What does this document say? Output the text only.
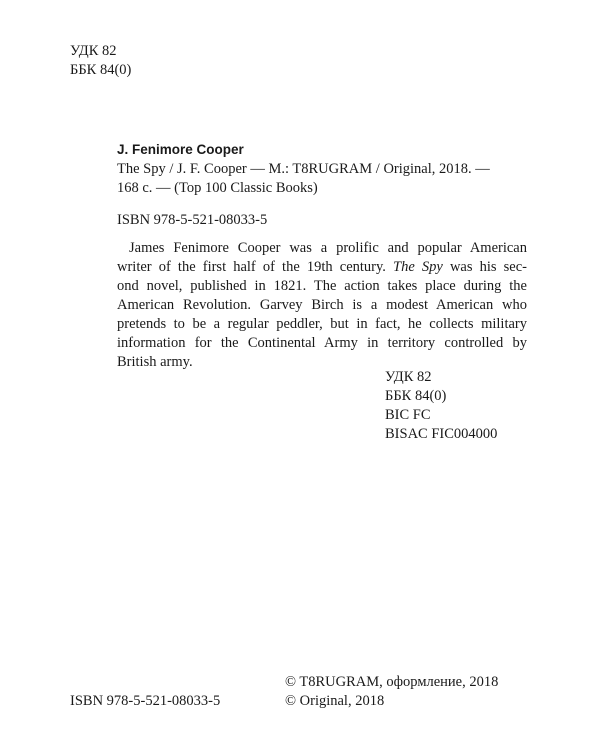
УДК 82
ББК 84(0)
J. Fenimore Cooper
The Spy / J. F. Cooper — M.: T8RUGRAM / Original, 2018. —
168 с. — (Top 100 Classic Books)
ISBN 978-5-521-08033-5
James Fenimore Cooper was a prolific and popular American
writer of the first half of the 19th century. The Spy was his sec-
ond novel, published in 1821. The action takes place during the
American Revolution. Garvey Birch is a modest American who
pretends to be a regular peddler, but in fact, he collects military
information for the Continental Army in territory controlled by
British army.
УДК 82
ББК 84(0)
BIC FC
BISAC FIC004000
© T8RUGRAM, оформление, 2018
© Original, 2018
ISBN 978-5-521-08033-5
